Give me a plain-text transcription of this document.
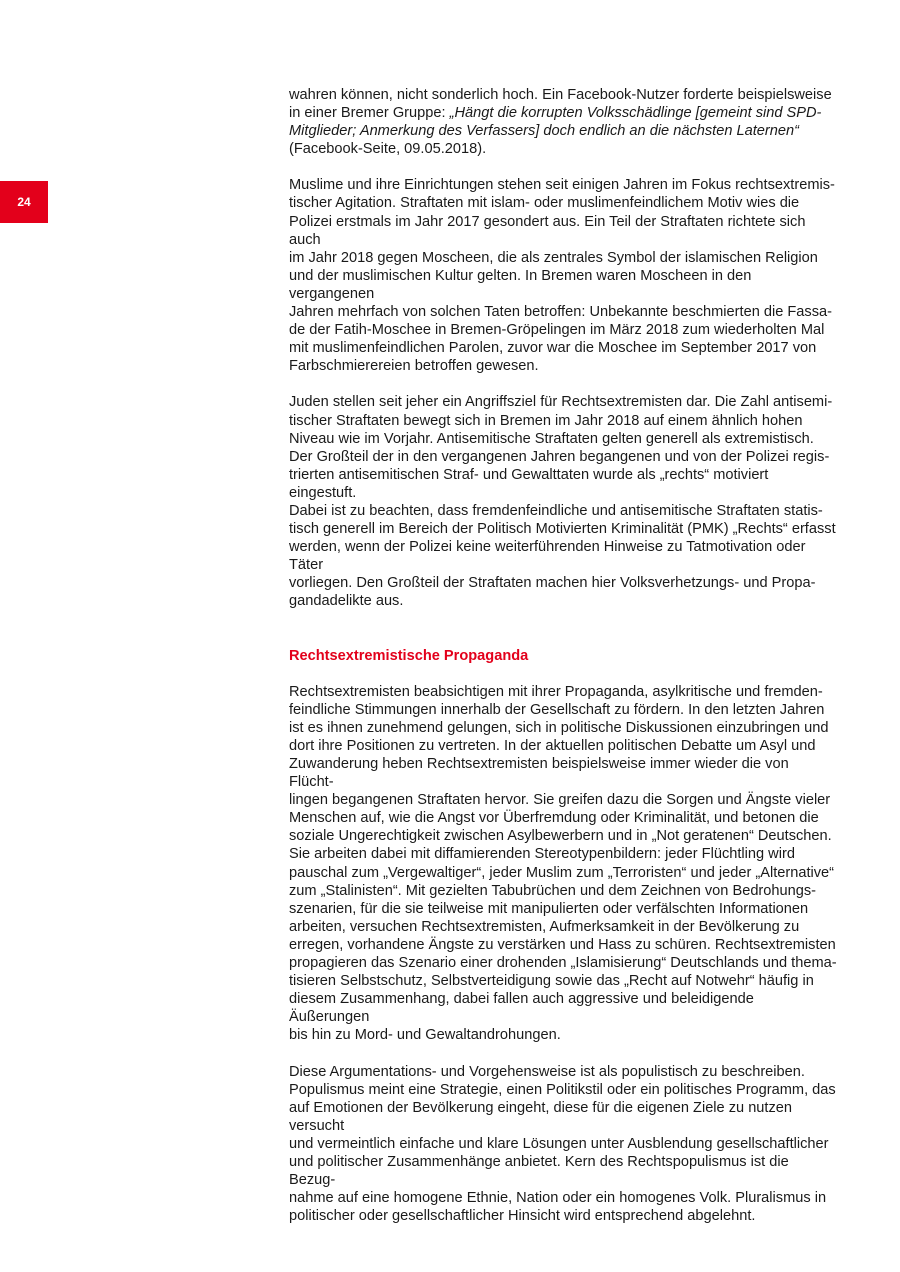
24

wahren können, nicht sonderlich hoch. Ein Facebook-Nutzer forderte beispielsweise
in einer Bremer Gruppe: „Hängt die korrupten Volksschädlinge [gemeint sind SPD-
Mitglieder; Anmerkung des Verfassers] doch endlich an die nächsten Laternen“
(Facebook-Seite, 09.05.2018).

Muslime und ihre Einrichtungen stehen seit einigen Jahren im Fokus rechtsextremis-
tischer Agitation. Straftaten mit islam- oder muslimenfeindlichem Motiv wies die
Polizei erstmals im Jahr 2017 gesondert aus. Ein Teil der Straftaten richtete sich auch
im Jahr 2018 gegen Moscheen, die als zentrales Symbol der islamischen Religion
und der muslimischen Kultur gelten. In Bremen waren Moscheen in den vergangenen
Jahren mehrfach von solchen Taten betroffen: Unbekannte beschmierten die Fassa-
de der Fatih-Moschee in Bremen-Gröpelingen im März 2018 zum wiederholten Mal
mit muslimenfeindlichen Parolen, zuvor war die Moschee im September 2017 von
Farbschmierereien betroffen gewesen.

Juden stellen seit jeher ein Angriffsziel für Rechtsextremisten dar. Die Zahl antisemi-
tischer Straftaten bewegt sich in Bremen im Jahr 2018 auf einem ähnlich hohen
Niveau wie im Vorjahr. Antisemitische Straftaten gelten generell als extremistisch.
Der Großteil der in den vergangenen Jahren begangenen und von der Polizei regis-
trierten antisemitischen Straf- und Gewalttaten wurde als „rechts“ motiviert eingestuft.
Dabei ist zu beachten, dass fremdenfeindliche und antisemitische Straftaten statis-
tisch generell im Bereich der Politisch Motivierten Kriminalität (PMK) „Rechts“ erfasst
werden, wenn der Polizei keine weiterführenden Hinweise zu Tatmotivation oder Täter
vorliegen. Den Großteil der Straftaten machen hier Volksverhetzungs- und Propa-
gandadelikte aus.

Rechtsextremistische Propaganda

Rechtsextremisten beabsichtigen mit ihrer Propaganda, asylkritische und fremden-
feindliche Stimmungen innerhalb der Gesellschaft zu fördern. In den letzten Jahren
ist es ihnen zunehmend gelungen, sich in politische Diskussionen einzubringen und
dort ihre Positionen zu vertreten. In der aktuellen politischen Debatte um Asyl und
Zuwanderung heben Rechtsextremisten beispielsweise immer wieder die von Flücht-
lingen begangenen Straftaten hervor. Sie greifen dazu die Sorgen und Ängste vieler
Menschen auf, wie die Angst vor Überfremdung oder Kriminalität, und betonen die
soziale Ungerechtigkeit zwischen Asylbewerbern und in „Not geratenen“ Deutschen.
Sie arbeiten dabei mit diffamierenden Stereotypenbildern: jeder Flüchtling wird
pauschal zum „Vergewaltiger“, jeder Muslim zum „Terroristen“ und jeder „Alternative“
zum „Stalinisten“. Mit gezielten Tabubrüchen und dem Zeichnen von Bedrohungs-
szenarien, für die sie teilweise mit manipulierten oder verfälschten Informationen
arbeiten, versuchen Rechtsextremisten, Aufmerksamkeit in der Bevölkerung zu
erregen, vorhandene Ängste zu verstärken und Hass zu schüren. Rechtsextremisten
propagieren das Szenario einer drohenden „Islamisierung“ Deutschlands und thema-
tisieren Selbstschutz, Selbstverteidigung sowie das „Recht auf Notwehr“ häufig in
diesem Zusammenhang, dabei fallen auch aggressive und beleidigende Äußerungen
bis hin zu Mord- und Gewaltandrohungen.

Diese Argumentations- und Vorgehensweise ist als populistisch zu beschreiben.
Populismus meint eine Strategie, einen Politikstil oder ein politisches Programm, das
auf Emotionen der Bevölkerung eingeht, diese für die eigenen Ziele zu nutzen versucht
und vermeintlich einfache und klare Lösungen unter Ausblendung gesellschaftlicher
und politischer Zusammenhänge anbietet. Kern des Rechtspopulismus ist die Bezug-
nahme auf eine homogene Ethnie, Nation oder ein homogenes Volk. Pluralismus in
politischer oder gesellschaftlicher Hinsicht wird entsprechend abgelehnt.
